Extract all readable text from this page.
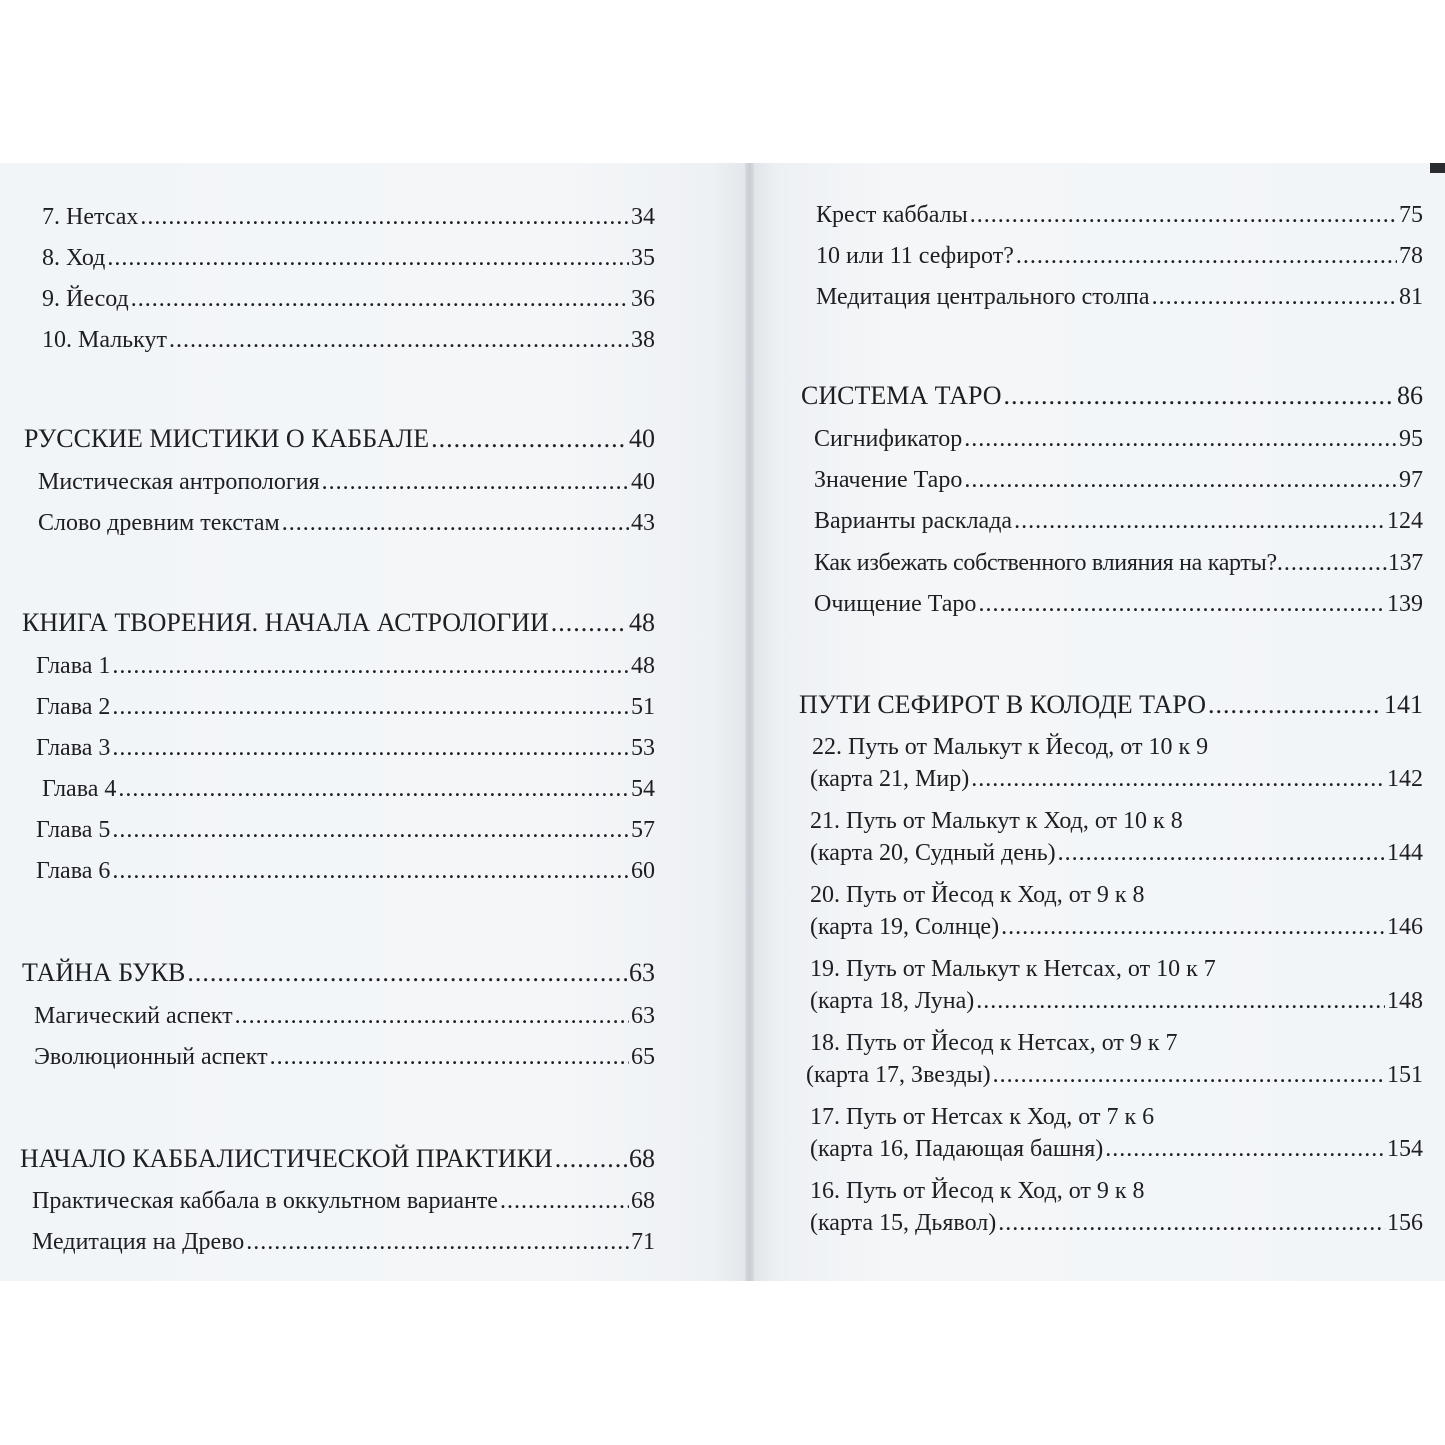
7. Нетсах .....	34
8. Ход .....	35
9. Йесод .....	36
10. Малькут .....	38
РУССКИЕ МИСТИКИ О КАББАЛЕ .....	40
Мистическая антропология .....	40
Слово древним текстам .....	43
КНИГА ТВОРЕНИЯ. НАЧАЛА АСТРОЛОГИИ .....	48
Глава 1 .....	48
Глава 2 .....	51
Глава 3 .....	53
Глава 4 .....	54
Глава 5 .....	57
Глава 6 .....	60
ТАЙНА БУКВ .....	63
Магический аспект .....	63
Эволюционный аспект .....	65
НАЧАЛО КАББАЛИСТИЧЕСКОЙ ПРАКТИКИ .....	68
Практическая каббала в оккультном варианте .....	68
Медитация на Древо .....	71
Крест каббалы .....	75
10 или 11 сефирот? .....	78
Медитация центрального столпа .....	81
СИСТЕМА ТАРО .....	86
Сигнификатор .....	95
Значение Таро .....	97
Варианты расклада .....	124
Как избежать собственного влияния на карты? .....	137
Очищение Таро .....	139
ПУТИ СЕФИРОТ В КОЛОДЕ ТАРО .....	141
22. Путь от Малькут к Йесод, от 10 к 9
(карта 21, Мир) .....	142
21. Путь от Малькут к Ход, от 10 к 8
(карта 20, Судный день) .....	144
20. Путь от Йесод к Ход, от 9 к 8
(карта 19, Солнце) .....	146
19. Путь от Малькут к Нетсах, от 10 к 7
(карта 18, Луна) .....	148
18. Путь от Йесод к Нетсах, от 9 к 7
(карта 17, Звезды) .....	151
17. Путь от Нетсах к Ход, от 7 к 6
(карта 16, Падающая башня) .....	154
16. Путь от Йесод к Ход, от 9 к 8
(карта 15, Дьявол) .....	156
